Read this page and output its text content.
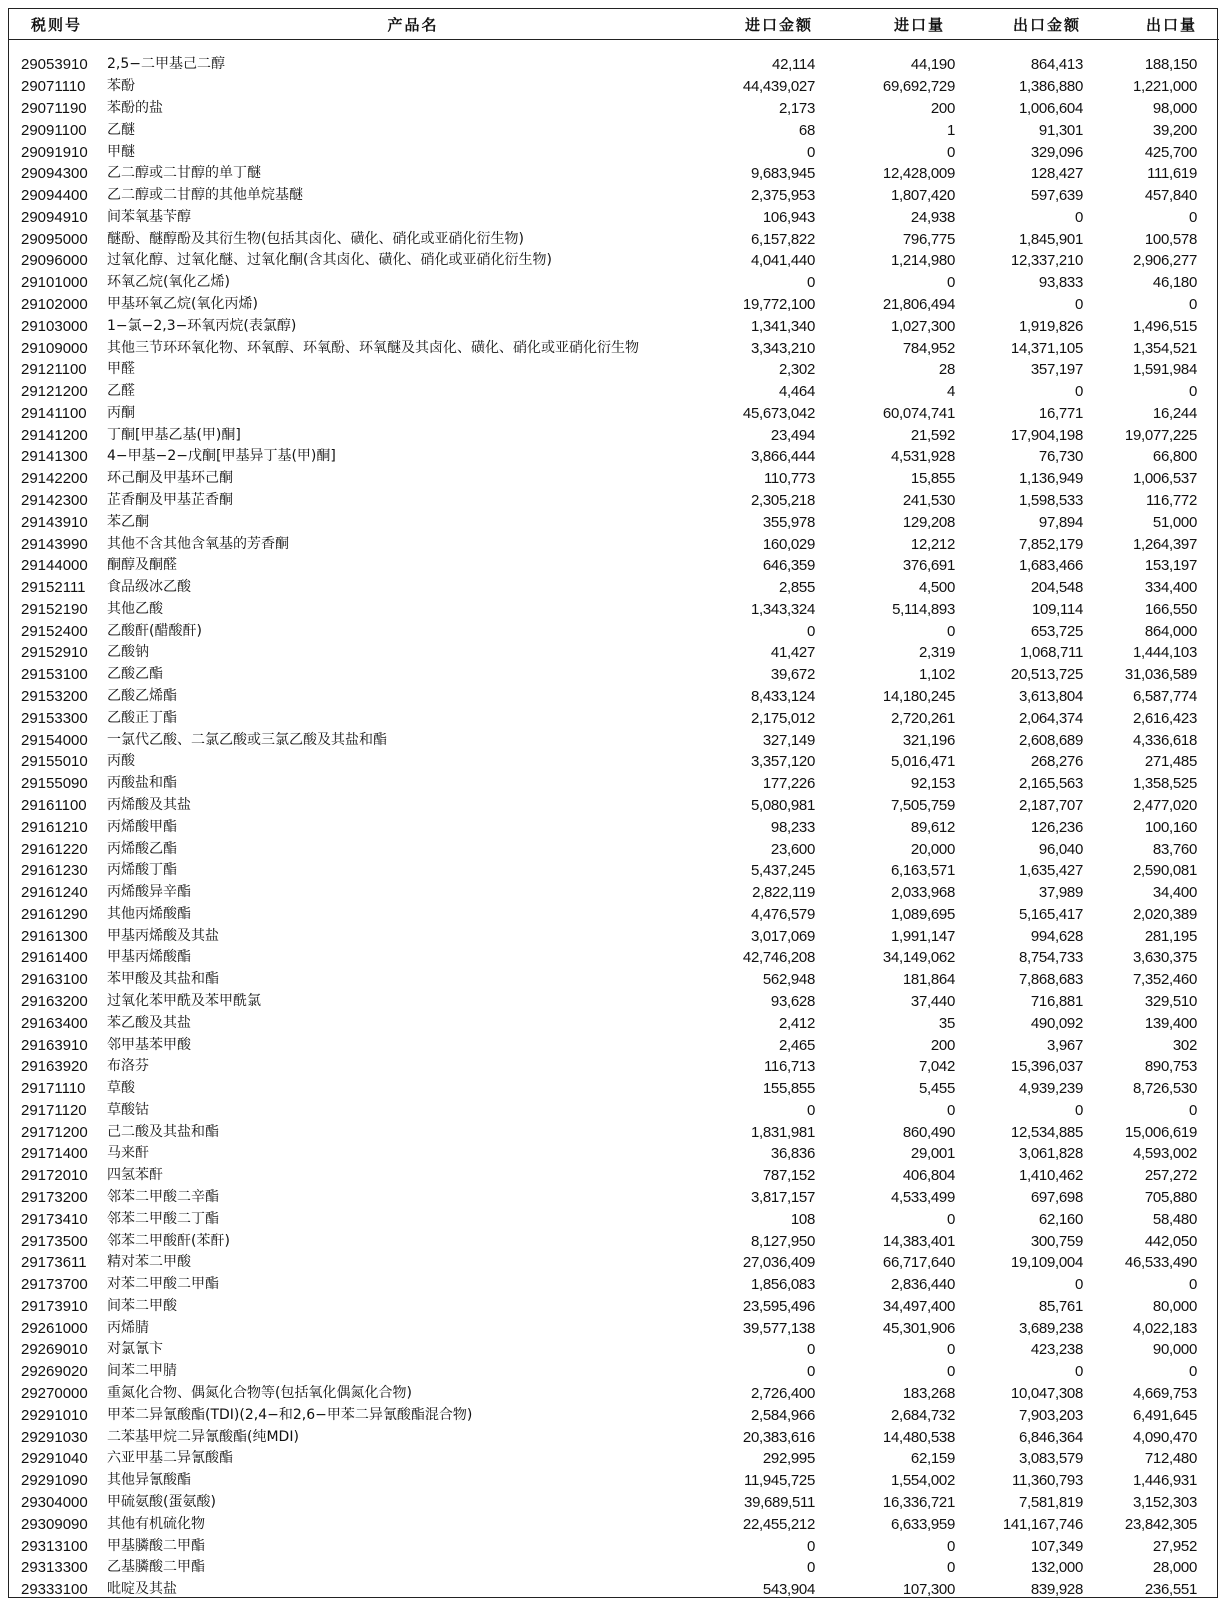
税则号	产品名	进口金额	进口量	出口金额	出口量

29053910	2,5−二甲基己二醇	42,114	44,190	864,413	188,150
29071110	苯酚	44,439,027	69,692,729	1,386,880	1,221,000
29071190	苯酚的盐	2,173	200	1,006,604	98,000
29091100	乙醚	68	1	91,301	39,200
29091910	甲醚	0	0	329,096	425,700
29094300	乙二醇或二甘醇的单丁醚	9,683,945	12,428,009	128,427	111,619
29094400	乙二醇或二甘醇的其他单烷基醚	2,375,953	1,807,420	597,639	457,840
29094910	间苯氧基苄醇	106,943	24,938	0	0
29095000	醚酚、醚醇酚及其衍生物(包括其卤化、磺化、硝化或亚硝化衍生物)	6,157,822	796,775	1,845,901	100,578
29096000	过氧化醇、过氧化醚、过氧化酮(含其卤化、磺化、硝化或亚硝化衍生物)	4,041,440	1,214,980	12,337,210	2,906,277
29101000	环氧乙烷(氧化乙烯)	0	0	93,833	46,180
29102000	甲基环氧乙烷(氧化丙烯)	19,772,100	21,806,494	0	0
29103000	1−氯−2,3−环氧丙烷(表氯醇)	1,341,340	1,027,300	1,919,826	1,496,515
29109000	其他三节环环氧化物、环氧醇、环氧酚、环氧醚及其卤化、磺化、硝化或亚硝化衍生物	3,343,210	784,952	14,371,105	1,354,521
29121100	甲醛	2,302	28	357,197	1,591,984
29121200	乙醛	4,464	4	0	0
29141100	丙酮	45,673,042	60,074,741	16,771	16,244
29141200	丁酮[甲基乙基(甲)酮]	23,494	21,592	17,904,198	19,077,225
29141300	4−甲基−2−戊酮[甲基异丁基(甲)酮]	3,866,444	4,531,928	76,730	66,800
29142200	环己酮及甲基环己酮	110,773	15,855	1,136,949	1,006,537
29142300	芷香酮及甲基芷香酮	2,305,218	241,530	1,598,533	116,772
29143910	苯乙酮	355,978	129,208	97,894	51,000
29143990	其他不含其他含氧基的芳香酮	160,029	12,212	7,852,179	1,264,397
29144000	酮醇及酮醛	646,359	376,691	1,683,466	153,197
29152111	食品级冰乙酸	2,855	4,500	204,548	334,400
29152190	其他乙酸	1,343,324	5,114,893	109,114	166,550
29152400	乙酸酐(醋酸酐)	0	0	653,725	864,000
29152910	乙酸钠	41,427	2,319	1,068,711	1,444,103
29153100	乙酸乙酯	39,672	1,102	20,513,725	31,036,589
29153200	乙酸乙烯酯	8,433,124	14,180,245	3,613,804	6,587,774
29153300	乙酸正丁酯	2,175,012	2,720,261	2,064,374	2,616,423
29154000	一氯代乙酸、二氯乙酸或三氯乙酸及其盐和酯	327,149	321,196	2,608,689	4,336,618
29155010	丙酸	3,357,120	5,016,471	268,276	271,485
29155090	丙酸盐和酯	177,226	92,153	2,165,563	1,358,525
29161100	丙烯酸及其盐	5,080,981	7,505,759	2,187,707	2,477,020
29161210	丙烯酸甲酯	98,233	89,612	126,236	100,160
29161220	丙烯酸乙酯	23,600	20,000	96,040	83,760
29161230	丙烯酸丁酯	5,437,245	6,163,571	1,635,427	2,590,081
29161240	丙烯酸异辛酯	2,822,119	2,033,968	37,989	34,400
29161290	其他丙烯酸酯	4,476,579	1,089,695	5,165,417	2,020,389
29161300	甲基丙烯酸及其盐	3,017,069	1,991,147	994,628	281,195
29161400	甲基丙烯酸酯	42,746,208	34,149,062	8,754,733	3,630,375
29163100	苯甲酸及其盐和酯	562,948	181,864	7,868,683	7,352,460
29163200	过氧化苯甲酰及苯甲酰氯	93,628	37,440	716,881	329,510
29163400	苯乙酸及其盐	2,412	35	490,092	139,400
29163910	邻甲基苯甲酸	2,465	200	3,967	302
29163920	布洛芬	116,713	7,042	15,396,037	890,753
29171110	草酸	155,855	5,455	4,939,239	8,726,530
29171120	草酸钴	0	0	0	0
29171200	己二酸及其盐和酯	1,831,981	860,490	12,534,885	15,006,619
29171400	马来酐	36,836	29,001	3,061,828	4,593,002
29172010	四氢苯酐	787,152	406,804	1,410,462	257,272
29173200	邻苯二甲酸二辛酯	3,817,157	4,533,499	697,698	705,880
29173410	邻苯二甲酸二丁酯	108	0	62,160	58,480
29173500	邻苯二甲酸酐(苯酐)	8,127,950	14,383,401	300,759	442,050
29173611	精对苯二甲酸	27,036,409	66,717,640	19,109,004	46,533,490
29173700	对苯二甲酸二甲酯	1,856,083	2,836,440	0	0
29173910	间苯二甲酸	23,595,496	34,497,400	85,761	80,000
29261000	丙烯腈	39,577,138	45,301,906	3,689,238	4,022,183
29269010	对氯氰卞	0	0	423,238	90,000
29269020	间苯二甲腈	0	0	0	0
29270000	重氮化合物、偶氮化合物等(包括氧化偶氮化合物)	2,726,400	183,268	10,047,308	4,669,753
29291010	甲苯二异氰酸酯(TDI)(2,4−和2,6−甲苯二异氰酸酯混合物)	2,584,966	2,684,732	7,903,203	6,491,645
29291030	二苯基甲烷二异氰酸酯(纯MDI)	20,383,616	14,480,538	6,846,364	4,090,470
29291040	六亚甲基二异氰酸酯	292,995	62,159	3,083,579	712,480
29291090	其他异氰酸酯	11,945,725	1,554,002	11,360,793	1,446,931
29304000	甲硫氨酸(蛋氨酸)	39,689,511	16,336,721	7,581,819	3,152,303
29309090	其他有机硫化物	22,455,212	6,633,959	141,167,746	23,842,305
29313100	甲基膦酸二甲酯	0	0	107,349	27,952
29313300	乙基膦酸二甲酯	0	0	132,000	28,000
29333100	吡啶及其盐	543,904	107,300	839,928	236,551
